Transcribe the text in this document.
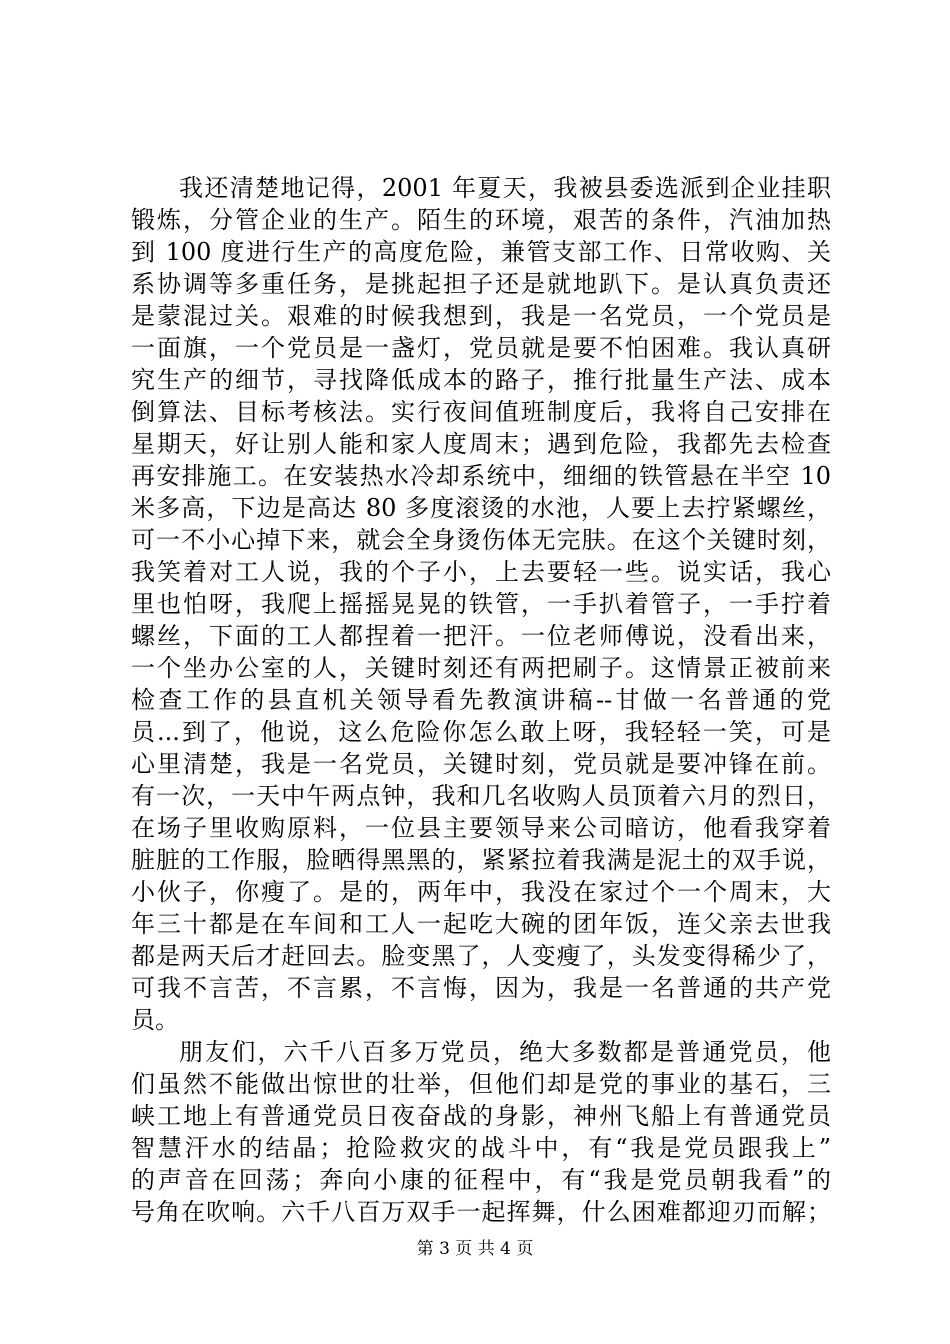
我还清楚地记得，2001 年夏天，我被县委选派到企业挂职
锻炼，分管企业的生产。陌生的环境，艰苦的条件，汽油加热
到 100 度进行生产的高度危险，兼管支部工作、日常收购、关
系协调等多重任务，是挑起担子还是就地趴下。是认真负责还
是蒙混过关。艰难的时候我想到，我是一名党员，一个党员是
一面旗，一个党员是一盏灯，党员就是要不怕困难。我认真研
究生产的细节，寻找降低成本的路子，推行批量生产法、成本
倒算法、目标考核法。实行夜间值班制度后，我将自己安排在
星期天，好让别人能和家人度周末；遇到危险，我都先去检查
再安排施工。在安装热水冷却系统中，细细的铁管悬在半空 10
米多高，下边是高达 80 多度滚烫的水池，人要上去拧紧螺丝，
可一不小心掉下来，就会全身烫伤体无完肤。在这个关键时刻，
我笑着对工人说，我的个子小，上去要轻一些。说实话，我心
里也怕呀，我爬上摇摇晃晃的铁管，一手扒着管子，一手拧着
螺丝，下面的工人都捏着一把汗。一位老师傅说，没看出来，
一个坐办公室的人，关键时刻还有两把刷子。这情景正被前来
检查工作的县直机关领导看先教演讲稿--甘做一名普通的党
员...到了，他说，这么危险你怎么敢上呀，我轻轻一笑，可是
心里清楚，我是一名党员，关键时刻，党员就是要冲锋在前。
有一次，一天中午两点钟，我和几名收购人员顶着六月的烈日，
在场子里收购原料，一位县主要领导来公司暗访，他看我穿着
脏脏的工作服，脸晒得黑黑的，紧紧拉着我满是泥土的双手说，
小伙子，你瘦了。是的，两年中，我没在家过个一个周末，大
年三十都是在车间和工人一起吃大碗的团年饭，连父亲去世我
都是两天后才赶回去。脸变黑了，人变瘦了，头发变得稀少了，
可我不言苦，不言累，不言悔，因为，我是一名普通的共产党
员。
朋友们，六千八百多万党员，绝大多数都是普通党员，他
们虽然不能做出惊世的壮举，但他们却是党的事业的基石，三
峡工地上有普通党员日夜奋战的身影，神州飞船上有普通党员
智慧汗水的结晶；抢险救灾的战斗中，有“我是党员跟我上”
的声音在回荡；奔向小康的征程中，有“我是党员朝我看”的
号角在吹响。六千八百万双手一起挥舞，什么困难都迎刃而解；
第 3 页 共 4 页
